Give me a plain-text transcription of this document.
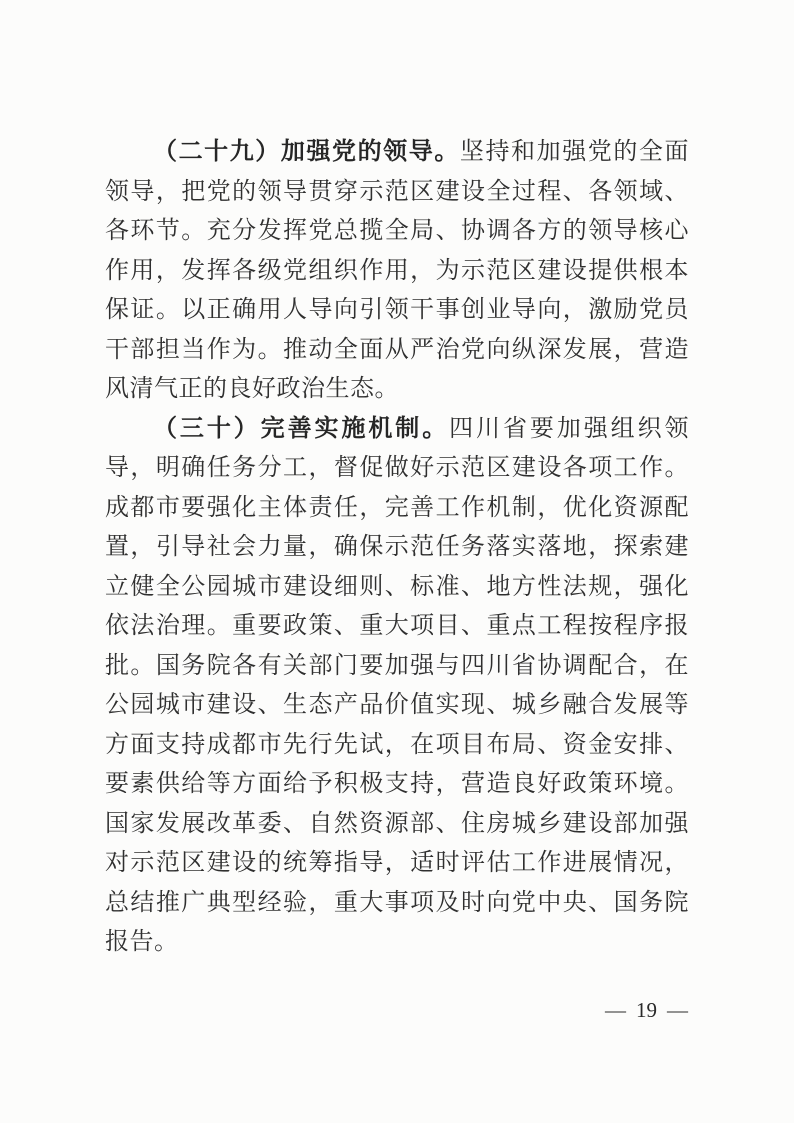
（二十九）加强党的领导。坚持和加强党的全面领导，把党的领导贯穿示范区建设全过程、各领域、各环节。充分发挥党总揽全局、协调各方的领导核心作用，发挥各级党组织作用，为示范区建设提供根本保证。以正确用人导向引领干事创业导向，激励党员干部担当作为。推动全面从严治党向纵深发展，营造风清气正的良好政治生态。

（三十）完善实施机制。四川省要加强组织领导，明确任务分工，督促做好示范区建设各项工作。成都市要强化主体责任，完善工作机制，优化资源配置，引导社会力量，确保示范任务落实落地，探索建立健全公园城市建设细则、标准、地方性法规，强化依法治理。重要政策、重大项目、重点工程按程序报批。国务院各有关部门要加强与四川省协调配合，在公园城市建设、生态产品价值实现、城乡融合发展等方面支持成都市先行先试，在项目布局、资金安排、要素供给等方面给予积极支持，营造良好政策环境。国家发展改革委、自然资源部、住房城乡建设部加强对示范区建设的统筹指导，适时评估工作进展情况，总结推广典型经验，重大事项及时向党中央、国务院报告。

— 19 —
